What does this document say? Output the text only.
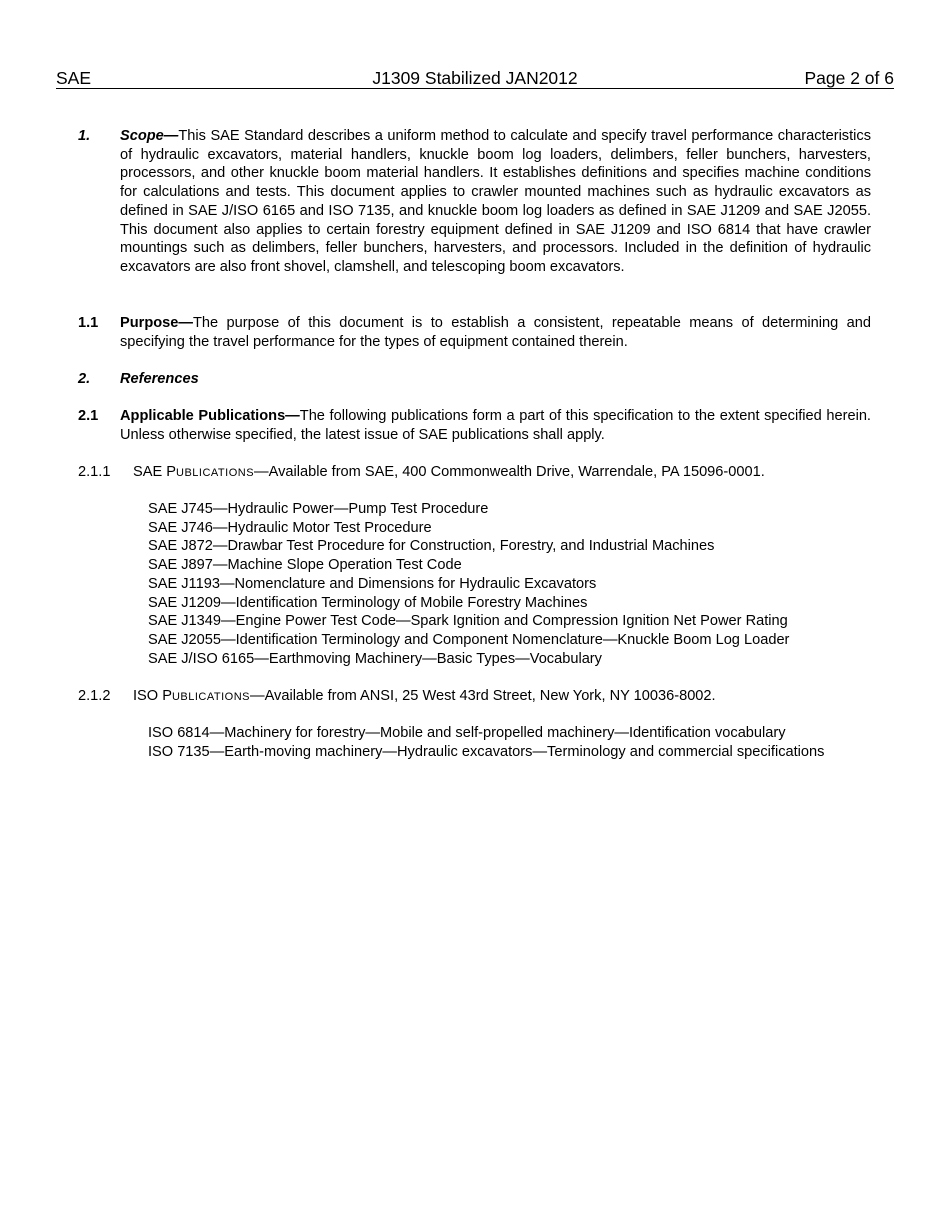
SAE	J1309 Stabilized JAN2012	Page 2 of 6
1. Scope—This SAE Standard describes a uniform method to calculate and specify travel performance characteristics of hydraulic excavators, material handlers, knuckle boom log loaders, delimbers, feller bunchers, harvesters, processors, and other knuckle boom material handlers. It establishes definitions and specifies machine conditions for calculations and tests. This document applies to crawler mounted machines such as hydraulic excavators as defined in SAE J/ISO 6165 and ISO 7135, and knuckle boom log loaders as defined in SAE J1209 and SAE J2055. This document also applies to certain forestry equipment defined in SAE J1209 and ISO 6814 that have crawler mountings such as delimbers, feller bunchers, harvesters, and processors. Included in the definition of hydraulic excavators are also front shovel, clamshell, and telescoping boom excavators.
1.1 Purpose—The purpose of this document is to establish a consistent, repeatable means of determining and specifying the travel performance for the types of equipment contained therein.
2. References
2.1 Applicable Publications—The following publications form a part of this specification to the extent specified herein. Unless otherwise specified, the latest issue of SAE publications shall apply.
2.1.1 SAE PUBLICATIONS—Available from SAE, 400 Commonwealth Drive, Warrendale, PA 15096-0001.
SAE J745—Hydraulic Power—Pump Test Procedure
SAE J746—Hydraulic Motor Test Procedure
SAE J872—Drawbar Test Procedure for Construction, Forestry, and Industrial Machines
SAE J897—Machine Slope Operation Test Code
SAE J1193—Nomenclature and Dimensions for Hydraulic Excavators
SAE J1209—Identification Terminology of Mobile Forestry Machines
SAE J1349—Engine Power Test Code—Spark Ignition and Compression Ignition Net Power Rating
SAE J2055—Identification Terminology and Component Nomenclature—Knuckle Boom Log Loader
SAE J/ISO 6165—Earthmoving Machinery—Basic Types—Vocabulary
2.1.2 ISO PUBLICATIONS—Available from ANSI, 25 West 43rd Street, New York, NY 10036-8002.
ISO 6814—Machinery for forestry—Mobile and self-propelled machinery—Identification vocabulary
ISO 7135—Earth-moving machinery—Hydraulic excavators—Terminology and commercial specifications
